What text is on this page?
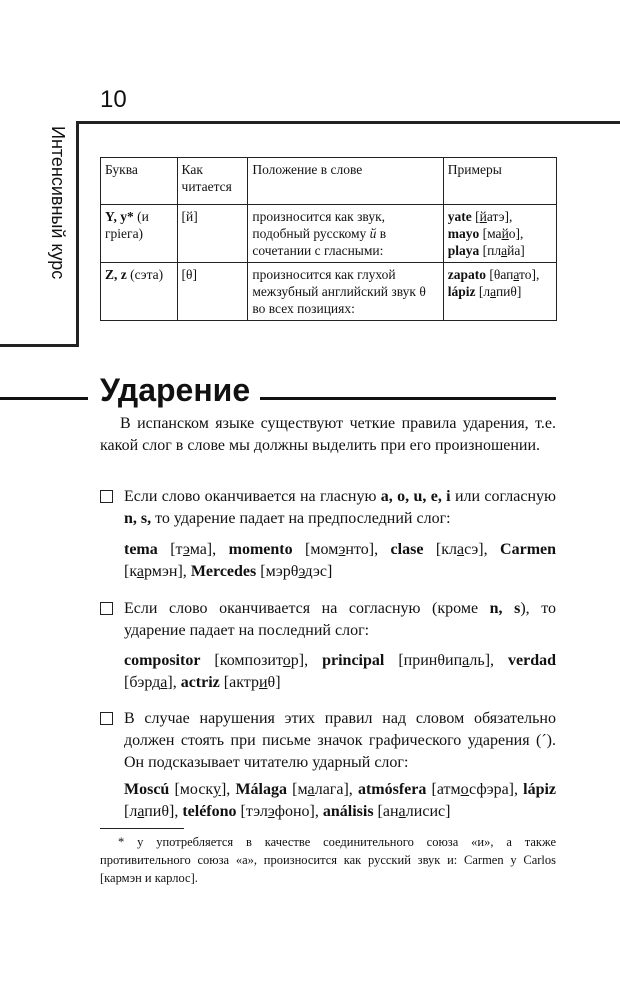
10
Интенсивный курс	Буква	Как читается	Положение в слове	Примеры
Y, y* (и грiега)	[й]	произносится как звук, подобный русскому й в сочетании с гласными:	yate [йатэ],
mayo [майо],
playa [плайа]

Z, z (сэта)	[θ]	произносится как глухой межзубный английский звук θ во всех позициях:	zapato [θапато],
lápiz [лапиθ]
Ударение
В испанском языке существуют четкие правила ударения, т.е. какой слог в слове мы должны выделить при его произношении.
Если слово оканчивается на гласную a, o, u, e, i или согласную n, s, то ударение падает на предпоследний слог:
tema [тэма], momento [момэнто], clase [класэ], Carmen [кармэн], Mercedes [мэрθэдэс]
Если слово оканчивается на согласную (кроме n, s), то ударение падает на последний слог:
compositor [композитор], principal [принθипаль], verdad [бэрда], actriz [актриθ]
В случае нарушения этих правил над словом обязательно должен стоять при письме значок графического ударения (´). Он подсказывает читателю ударный слог:
Moscú [моску], Málaga [малага], atmósfera [атмосфэра], lápiz [лапиθ], teléfono [тэлэфоно], análisis [аналисис]
* y употребляется в качестве соединительного союза «и», а также противительного союза «а», произносится как русский звук и: Carmen y Carlos [кармэн и карлос].
